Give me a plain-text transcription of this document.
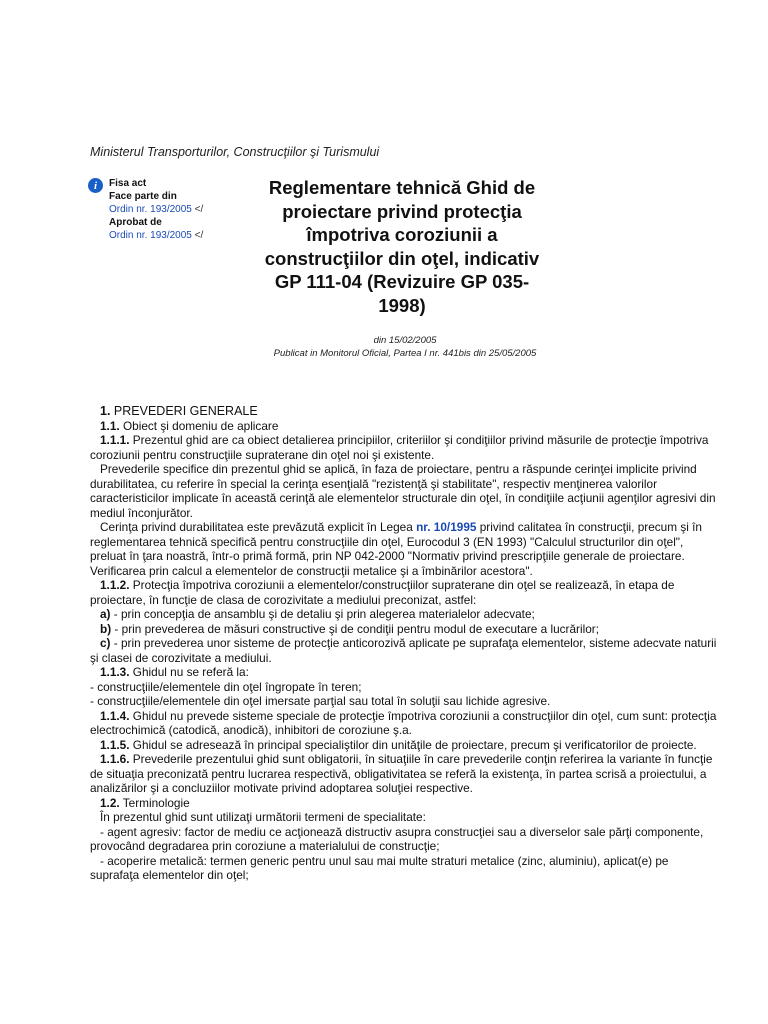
Ministerul Transporturilor, Construcţiilor şi Turismului
i	Fisa act
Face parte din
Ordin nr. 193/2005 </
Aprobat de
Ordin nr. 193/2005 </
Reglementare tehnică Ghid de proiectare privind protecţia împotriva coroziunii a construcţiilor din oţel, indicativ GP 111-04 (Revizuire GP 035-1998)
din 15/02/2005
Publicat in Monitorul Oficial, Partea I nr. 441bis din 25/05/2005

1. PREVEDERI GENERALE

1.1. Obiect şi domeniu de aplicare

1.1.1. Prezentul ghid are ca obiect detalierea principiilor, criteriilor şi condiţiilor privind măsurile de protecţie împotriva coroziunii pentru construcţiile supraterane din oţel noi şi existente.

Prevederile specifice din prezentul ghid se aplică, în faza de proiectare, pentru a răspunde cerinţei implicite privind durabilitatea, cu referire în special la cerinţa esenţială "rezistenţă şi stabilitate", respectiv menţinerea valorilor caracteristicilor implicate în această cerinţă ale elementelor structurale din oţel, în condiţiile acţiunii agenţilor agresivi din mediul înconjurător.

Cerinţa privind durabilitatea este prevăzută explicit în Legea nr. 10/1995 privind calitatea în construcţii, precum şi în reglementarea tehnică specifică pentru construcţiile din oţel, Eurocodul 3 (EN 1993) "Calculul structurilor din oţel", preluat în ţara noastră, într-o primă formă, prin NP 042-2000 "Normativ privind prescripţiile generale de proiectare. Verificarea prin calcul a elementelor de construcţii metalice şi a îmbinărilor acestora".

1.1.2. Protecţia împotriva coroziunii a elementelor/construcţiilor supraterane din oţel se realizează, în etapa de proiectare, în funcţie de clasa de corozivitate a mediului preconizat, astfel:

a) - prin concepţia de ansamblu şi de detaliu şi prin alegerea materialelor adecvate;

b) - prin prevederea de măsuri constructive şi de condiţii pentru modul de executare a lucrărilor;

c) - prin prevederea unor sisteme de protecţie anticorozivă aplicate pe suprafaţa elementelor, sisteme adecvate naturii şi clasei de corozivitate a mediului.

1.1.3. Ghidul nu se referă la:

- construcţiile/elementele din oţel îngropate în teren;

- construcţiile/elementele din oţel imersate parţial sau total în soluţii sau lichide agresive.

1.1.4. Ghidul nu prevede sisteme speciale de protecţie împotriva coroziunii a construcţiilor din oţel, cum sunt: protecţia electrochimică (catodică, anodică), inhibitori de coroziune ş.a.

1.1.5. Ghidul se adresează în principal specialiştilor din unităţile de proiectare, precum şi verificatorilor de proiecte.

1.1.6. Prevederile prezentului ghid sunt obligatorii, în situaţiile în care prevederile conţin referirea la variante în funcţie de situaţia preconizată pentru lucrarea respectivă, obligativitatea se referă la existenţa, în partea scrisă a proiectului, a analizărilor şi a concluziilor motivate privind adoptarea soluţiei respective.

1.2. Terminologie

În prezentul ghid sunt utilizaţi următorii termeni de specialitate:

- agent agresiv: factor de mediu ce acţionează distructiv asupra construcţiei sau a diverselor sale părţi componente, provocând degradarea prin coroziune a materialului de construcţie;

- acoperire metalică: termen generic pentru unul sau mai multe straturi metalice (zinc, aluminiu), aplicat(e) pe suprafaţa elementelor din oţel;
